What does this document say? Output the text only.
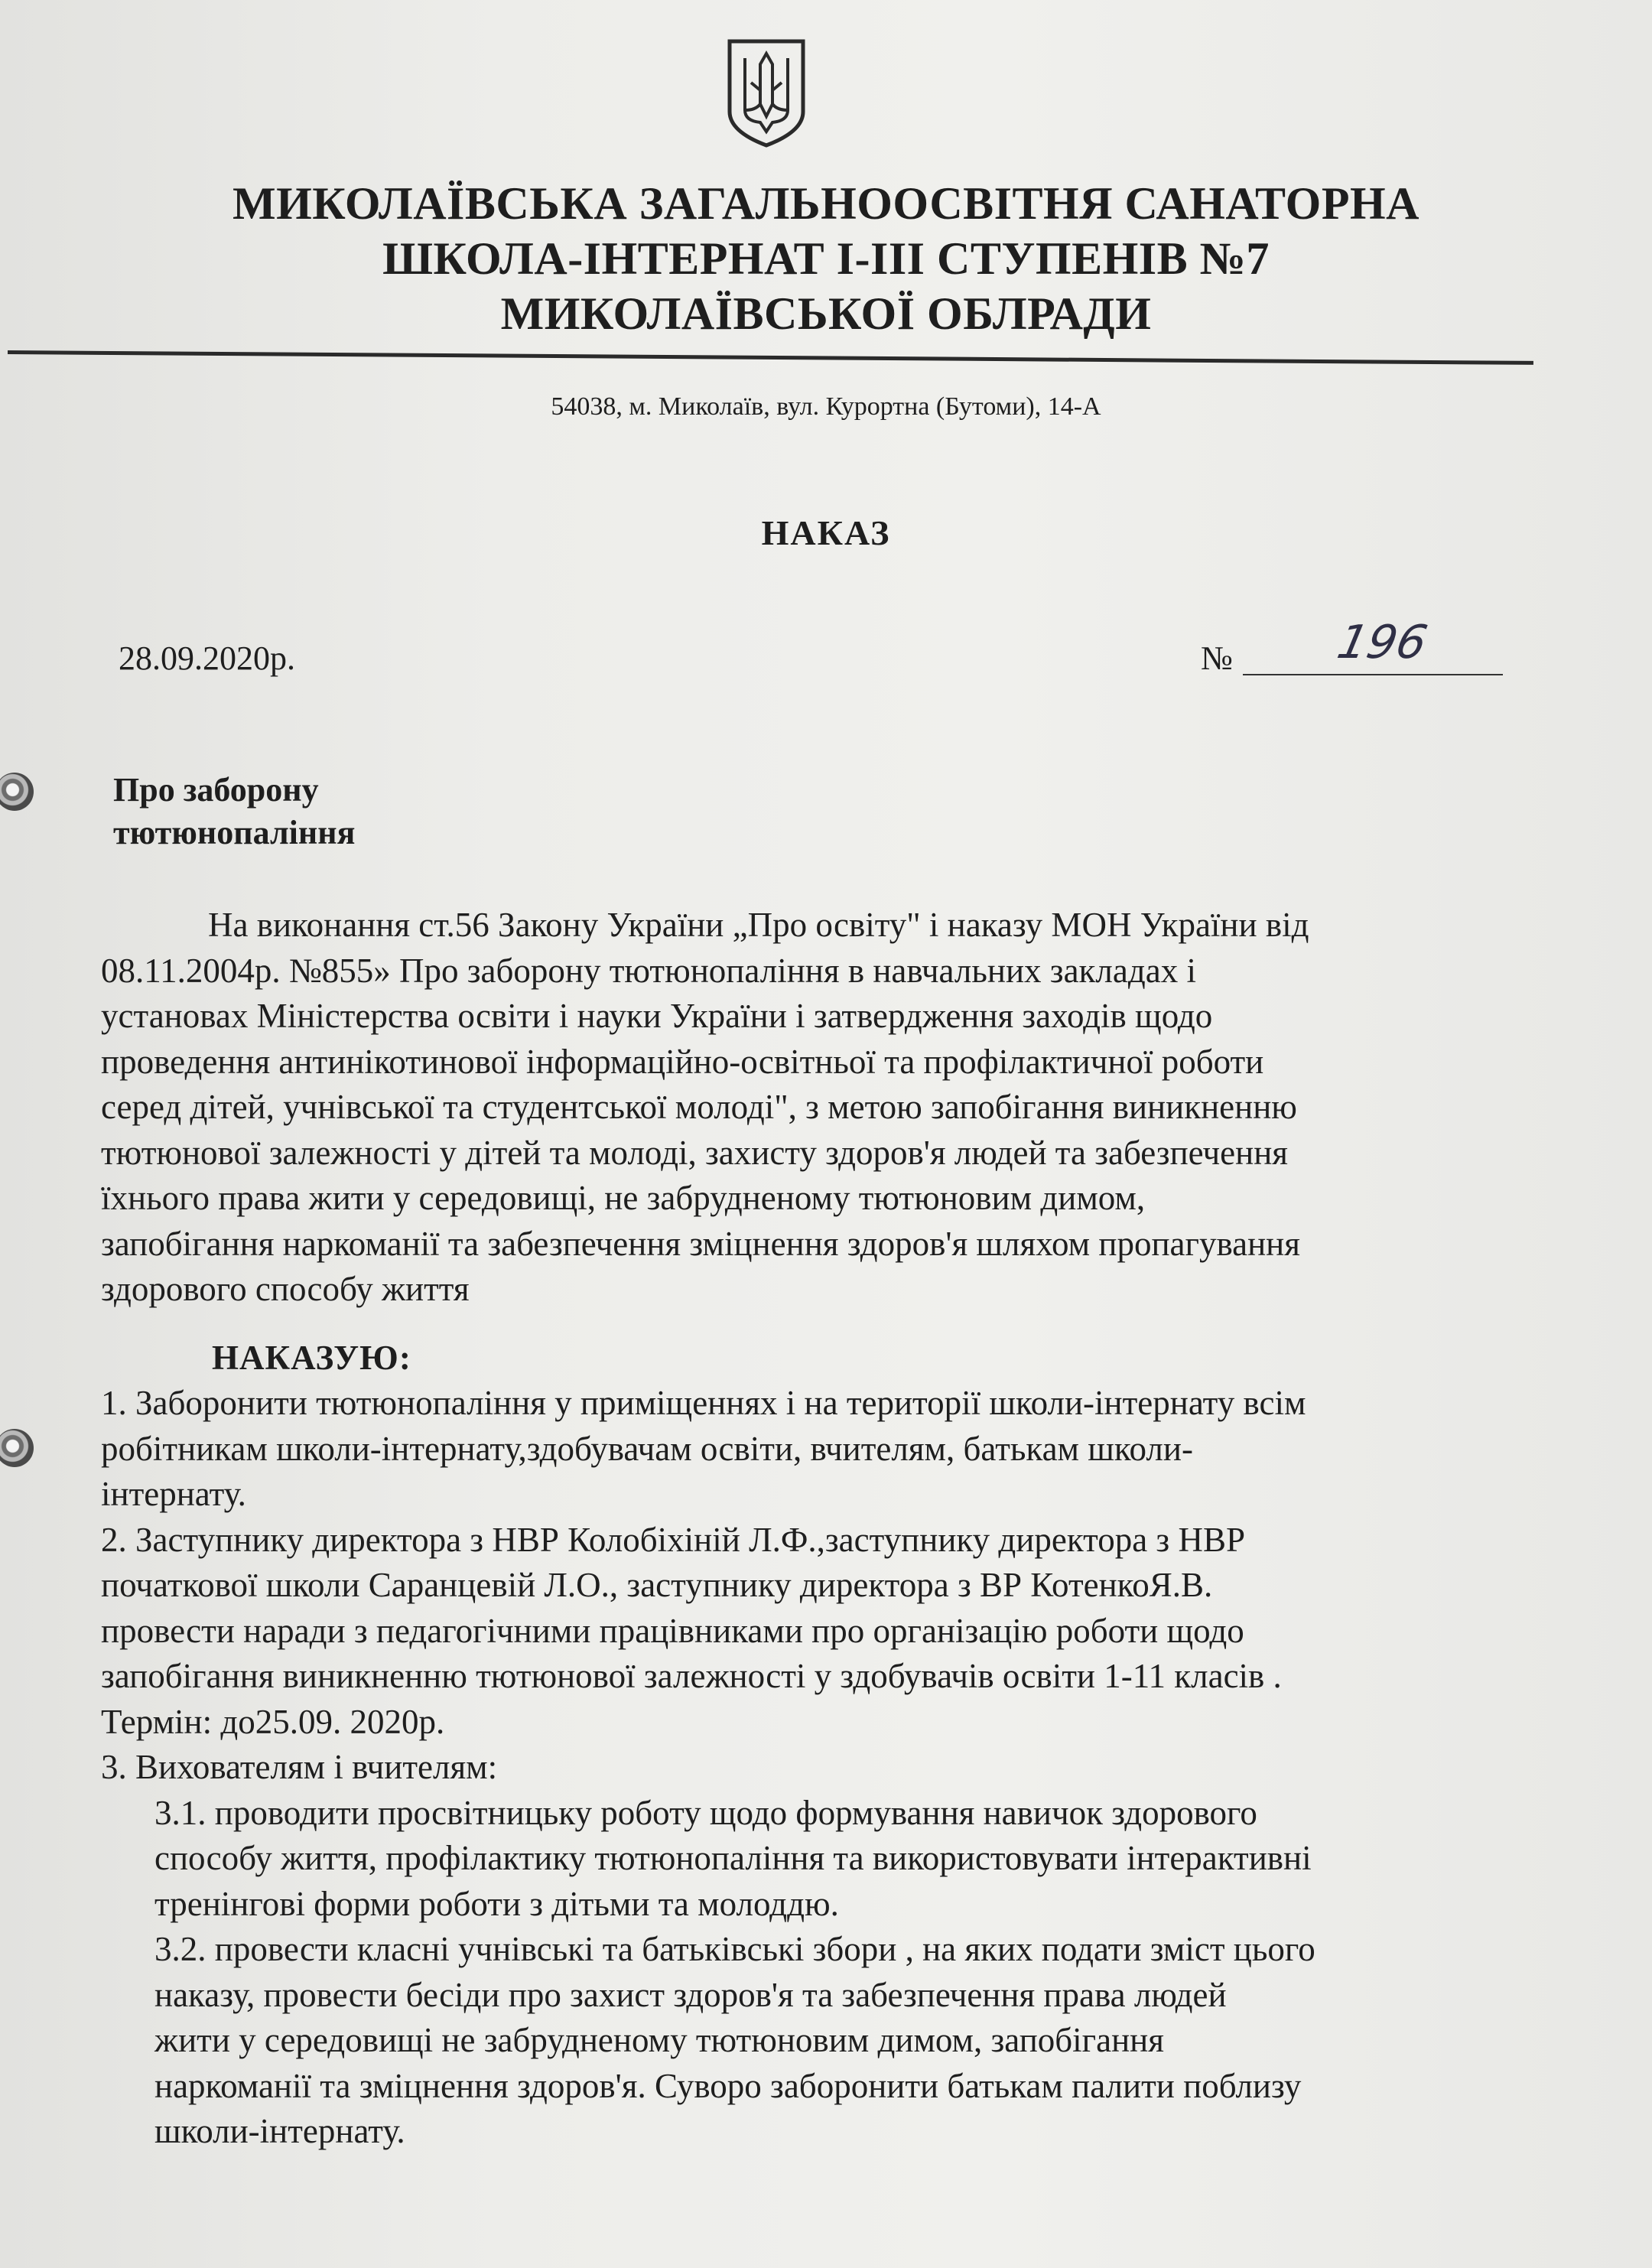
МИКОЛАЇВСЬКА ЗАГАЛЬНООСВІТНЯ САНАТОРНА
ШКОЛА-ІНТЕРНАТ І-ІІІ СТУПЕНІВ №7
МИКОЛАЇВСЬКОЇ ОБЛРАДИ
54038, м. Миколаїв, вул. Курортна (Бутоми), 14-А
НАКАЗ
28.09.2020р.	№ 196
Про заборону
тютюнопаління
На виконання ст.56 Закону України „Про освіту" і наказу МОН України від
08.11.2004р. №855» Про заборону тютюнопаління в навчальних закладах і
установах Міністерства освіти і науки України і затвердження заходів щодо
проведення антинікотинової інформаційно-освітньої та профілактичної роботи
серед дітей, учнівської та студентської молоді", з метою запобігання виникненню
тютюнової залежності у дітей та молоді, захисту здоров'я людей та забезпечення
їхнього права жити у середовищі, не забрудненому тютюновим димом,
запобігання наркоманії та забезпечення зміцнення здоров'я шляхом пропагування
здорового способу життя
НАКАЗУЮ:
1. Заборонити тютюнопаління у приміщеннях і на території школи-інтернату всім
робітникам школи-інтернату,здобувачам освіти, вчителям, батькам школи-
інтернату.
2. Заступнику директора з НВР Колобіхіній Л.Ф.,заступнику директора з НВР
початкової школи Саранцевій Л.О., заступнику директора з ВР КотенкоЯ.В.
провести наради з педагогічними працівниками про організацію роботи щодо
запобігання виникненню тютюнової залежності у здобувачів освіти 1-11 класів .
Термін: до25.09. 2020р.
3. Вихователям і вчителям:
3.1. проводити просвітницьку роботу щодо формування навичок здорового
способу життя, профілактику тютюнопаління та використовувати інтерактивні
тренінгові форми роботи з дітьми та молоддю.
3.2. провести класні учнівські та батьківські збори , на яких подати зміст цього
наказу, провести бесіди про захист здоров'я та забезпечення права людей
жити у середовищі не забрудненому тютюновим димом, запобігання
наркоманії та зміцнення здоров'я. Суворо заборонити батькам палити поблизу
школи-інтернату.
